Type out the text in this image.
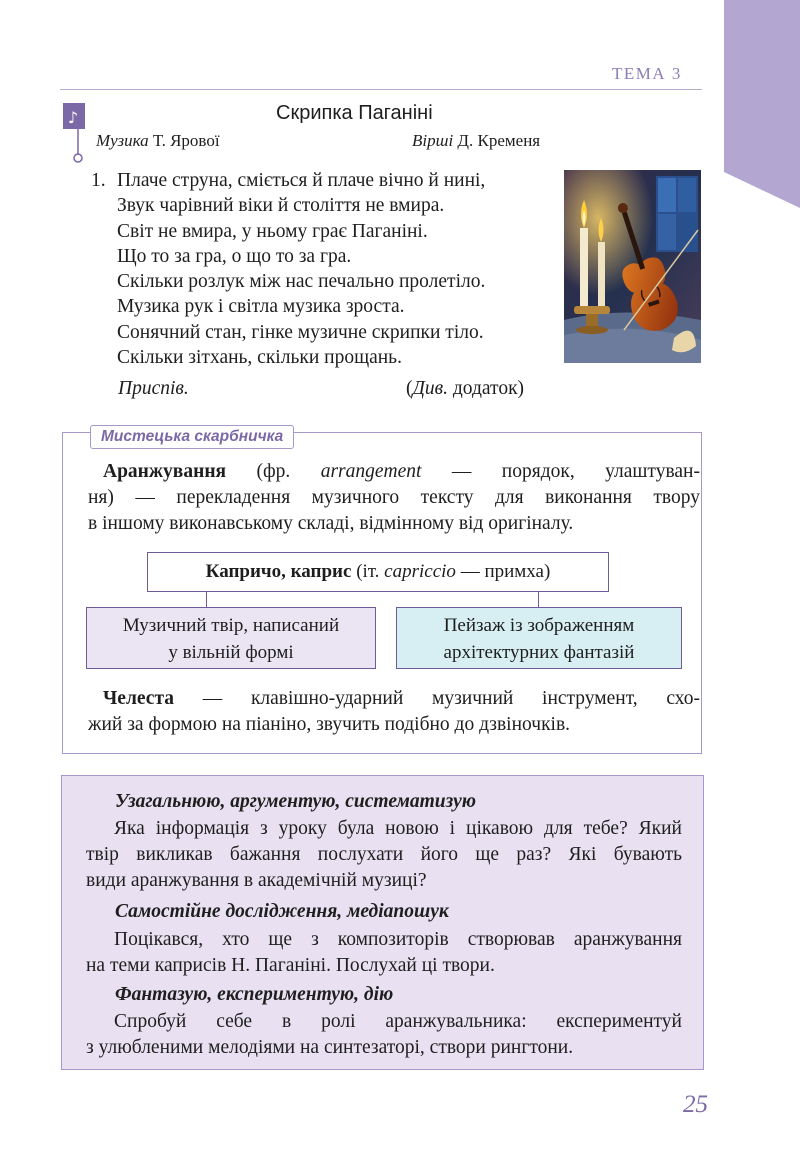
ТЕМА 3
♪	Скрипка Паганіні
Музика Т. Ярової	Вірші Д. Кременя
1. Плаче струна, сміється й плаче вічно й нині,
Звук чарівний віки й століття не вмира.
Світ не вмира, у ньому грає Паганіні.
Що то за гра, о що то за гра.
Скільки розлук між нас печально пролетіло.
Музика рук і світла музика зроста.
Сонячний стан, гінке музичне скрипки тіло.
Скільки зітхань, скільки прощань.
Приспів.	(Див. додаток)
Мистецька скарбничка
Аранжування (фр. arrangement — порядок, улаштуван-
ня) — перекладення музичного тексту для виконання твору
в іншому виконавському складі, відмінному від оригіналу.
Капричо, каприс (іт. capriccio — примха)
Музичний твір, написаний
у вільній формі
Пейзаж із зображенням
архітектурних фантазій
Челеста — клавішно-ударний музичний інструмент, схо-
жий за формою на піаніно, звучить подібно до дзвіночків.
Узагальнюю, аргументую, систематизую
Яка інформація з уроку була новою і цікавою для тебе? Який
твір викликав бажання послухати його ще раз? Які бувають
види аранжування в академічній музиці?
Самостійне дослідження, медіапошук
Поцікався, хто ще з композиторів створював аранжування
на теми каприсів Н. Паганіні. Послухай ці твори.
Фантазую, експериментую, дію
Спробуй себе в ролі аранжувальника: експериментуй
з улюбленими мелодіями на синтезаторі, створи рингтони.
25
